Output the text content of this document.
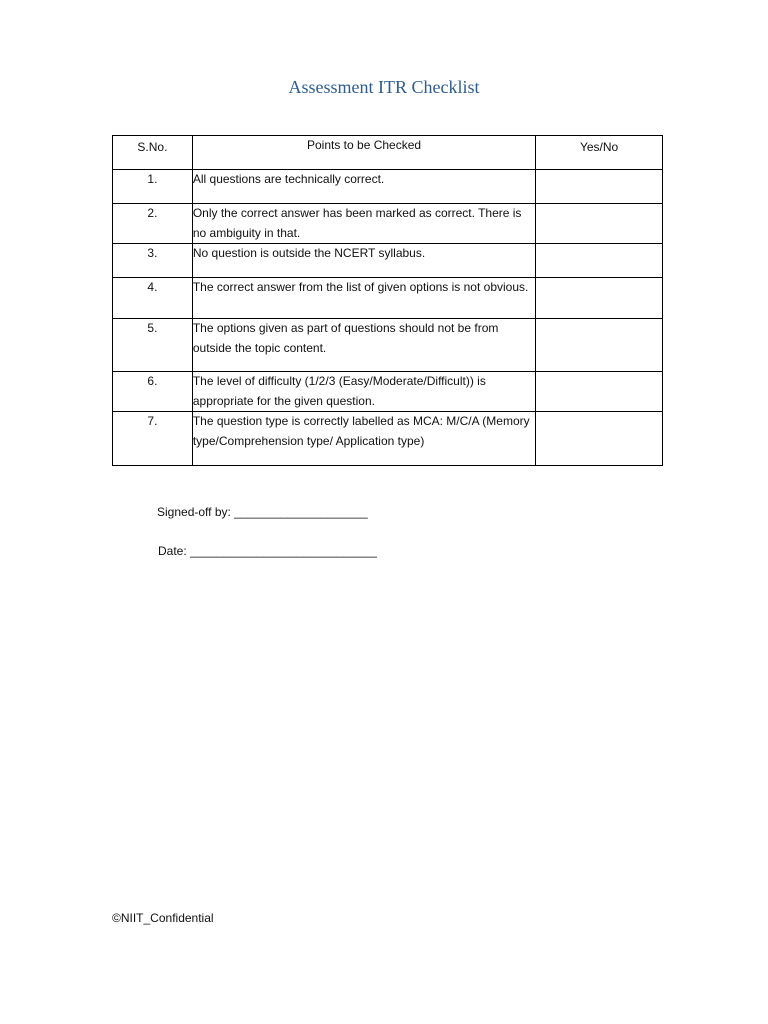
Assessment ITR Checklist
S.No.	Points to be Checked	Yes/No

1.	All questions are technically correct.	

2.	Only the correct answer has been marked as correct. There is no ambiguity in that.	

3.	No question is outside the NCERT syllabus.	

4.	The correct answer from the list of given options is not obvious.	

5.	The options given as part of questions should not be from outside the topic content.	

6.	The level of difficulty (1/2/3 (Easy/Moderate/Difficult)) is appropriate for the given question.	

7.	The question type is correctly labelled as MCA: M/C/A (Memory type/Comprehension type/ Application type)	

Signed-off by: ____________________
Date: ____________________________
©NIIT_Confidential
